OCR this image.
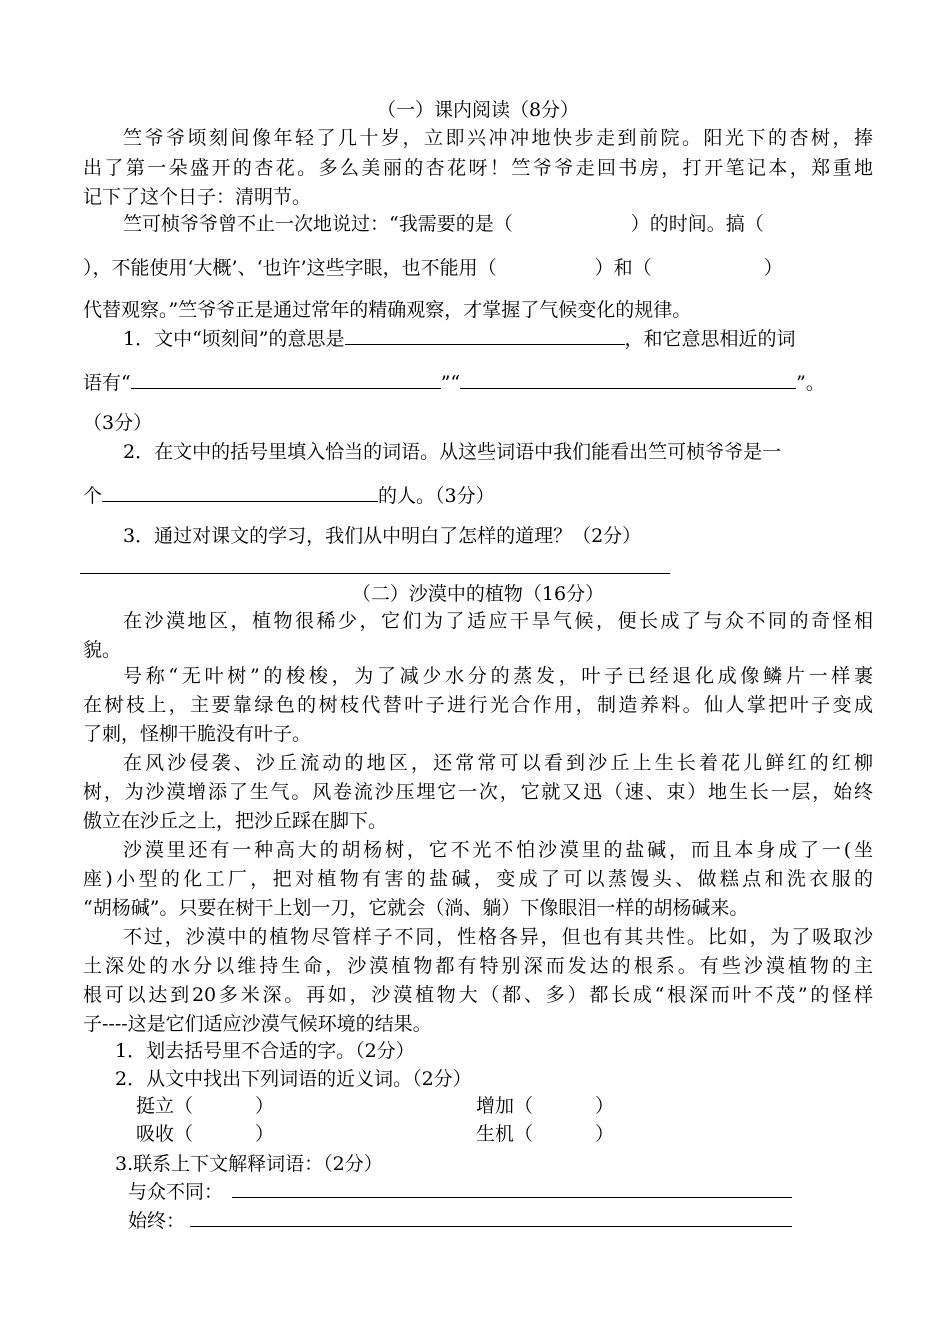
（一）课内阅读（8分）
竺爷爷顷刻间像年轻了几十岁，立即兴冲冲地快步走到前院。阳光下的杏树，捧
出了第一朵盛开的杏花。多么美丽的杏花呀！竺爷爷走回书房，打开笔记本，郑重地
记下了这个日子：清明节。
竺可桢爷爷曾不止一次地说过：“我需要的是（	）的时间。搞（
），不能使用‘大概’、‘也许’这些字眼，也不能用（	）和（	）
代替观察。”竺爷爷正是通过常年的精确观察，才掌握了气候变化的规律。
1．文中“顷刻间”的意思是	，和它意思相近的词
语有“	”“	”。
（3分）
2．在文中的括号里填入恰当的词语。从这些词语中我们能看出竺可桢爷爷是一
个	的人。（3分）
3．通过对课文的学习，我们从中明白了怎样的道理？（2分）
（二）沙漠中的植物（16分）
在沙漠地区，植物很稀少，它们为了适应干旱气候，便长成了与众不同的奇怪相
貌。
号称“无叶树”的梭梭，为了减少水分的蒸发，叶子已经退化成像鳞片一样裹
在树枝上，主要靠绿色的树枝代替叶子进行光合作用，制造养料。仙人掌把叶子变成
了刺，怪柳干脆没有叶子。
在风沙侵袭、沙丘流动的地区，还常常可以看到沙丘上生长着花儿鲜红的红柳
树，为沙漠增添了生气。风卷流沙压埋它一次，它就又迅（速、束）地生长一层，始终
傲立在沙丘之上，把沙丘踩在脚下。
沙漠里还有一种高大的胡杨树，它不光不怕沙漠里的盐碱，而且本身成了一(坐
座)小型的化工厂，把对植物有害的盐碱，变成了可以蒸馒头、做糕点和洗衣服的
“胡杨碱”。只要在树干上划一刀，它就会（淌、躺）下像眼泪一样的胡杨碱来。
不过，沙漠中的植物尽管样子不同，性格各异，但也有其共性。比如，为了吸取沙
土深处的水分以维持生命，沙漠植物都有特别深而发达的根系。有些沙漠植物的主
根可以达到20多米深。再如，沙漠植物大（都、多）都长成“根深而叶不茂”的怪样
子----这是它们适应沙漠气候环境的结果。
1．划去括号里不合适的字。（2分）
2．从文中找出下列词语的近义词。（2分）
挺立（	）	增加（	）
吸收（	）	生机（	）
3.联系上下文解释词语：（2分）
与众不同：
始终：
